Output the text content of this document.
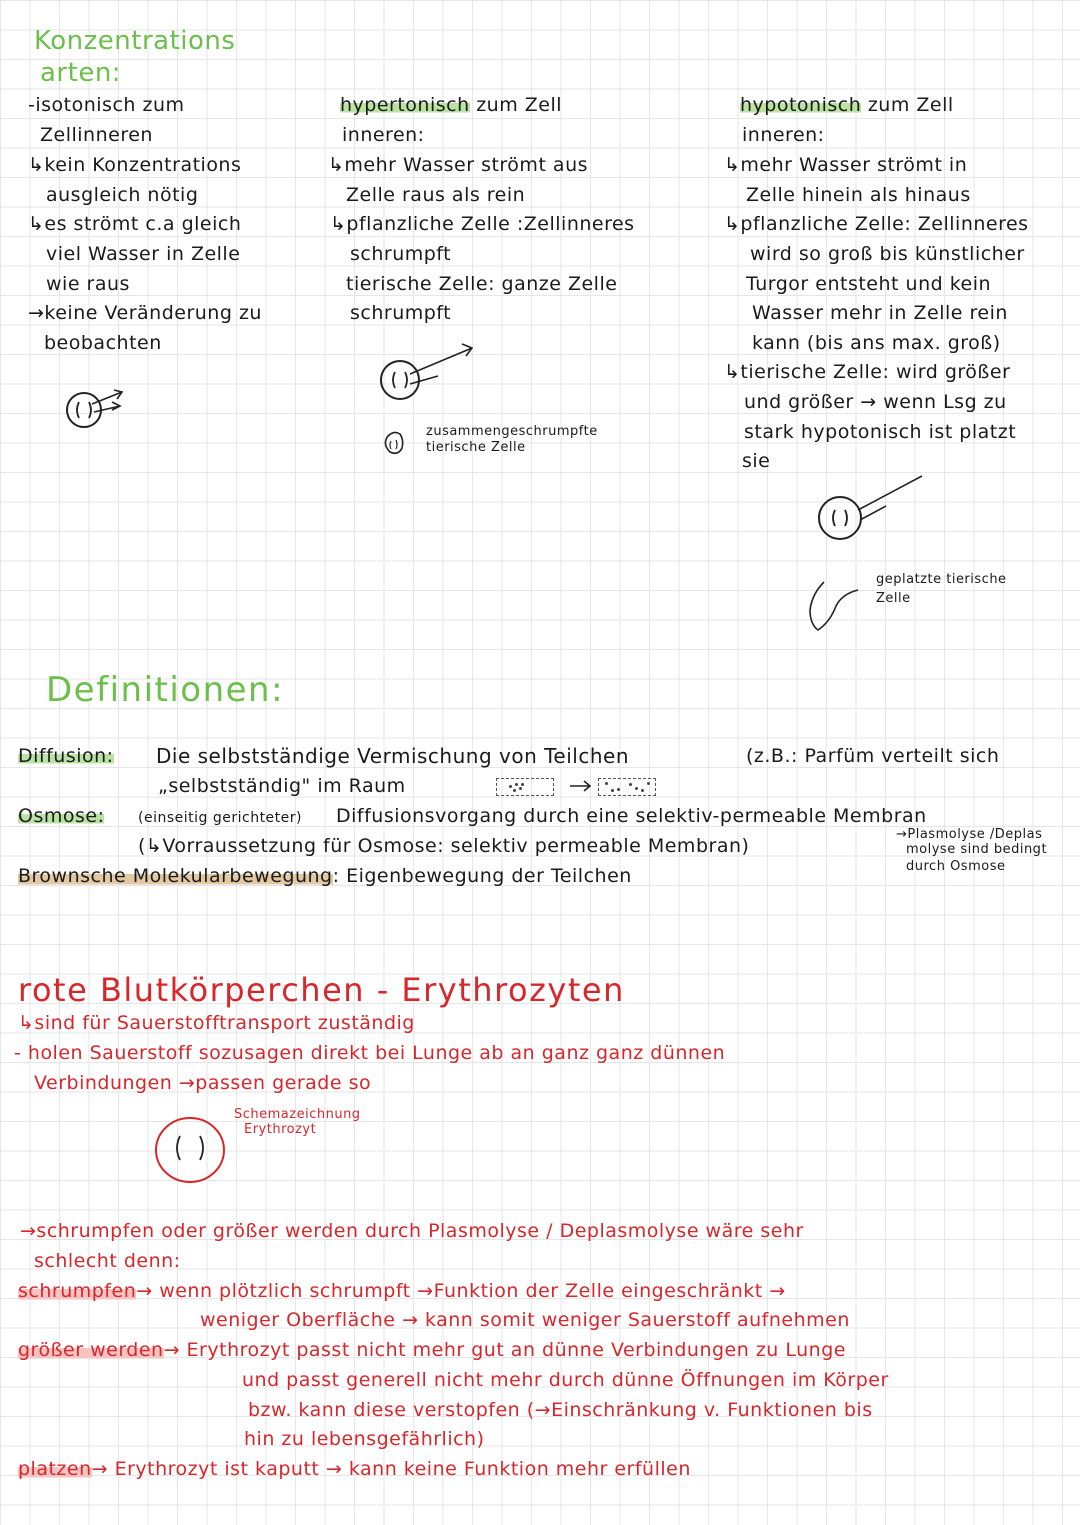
Konzentrations
arten:
-isotonisch zum
Zellinneren
↳kein Konzentrations
ausgleich nötig
↳es strömt c.a gleich
viel Wasser in Zelle
wie raus
→keine Veränderung zu
beobachten
hypertonisch zum Zell
inneren:
↳mehr Wasser strömt aus
Zelle raus als rein
↳pflanzliche Zelle :Zellinneres
schrumpft
tierische Zelle: ganze Zelle
schrumpft
zusammengeschrumpfte
tierische Zelle
hypotonisch zum Zell
inneren:
↳mehr Wasser strömt in
Zelle hinein als hinaus
↳pflanzliche Zelle: Zellinneres
wird so groß bis künstlicher
Turgor entsteht und kein
Wasser mehr in Zelle rein
kann (bis ans max. groß)
↳tierische Zelle: wird größer
und größer → wenn Lsg zu
stark hypotonisch ist platzt
sie
geplatzte tierische
Zelle
Definitionen:
Diffusion: Die selbstständige Vermischung von Teilchen	(z.B.: Parfüm verteilt sich
„selbstständig" im Raum
Osmose: (einseitig gerichteter) Diffusionsvorgang durch eine selektiv-permeable Membran
(↳Vorraussetzung für Osmose: selektiv permeable Membran)
→Plasmolyse /Deplas
molyse sind bedingt
durch Osmose
Brownsche Molekularbewegung: Eigenbewegung der Teilchen
rote Blutkörperchen - Erythrozyten
↳sind für Sauerstofftransport zuständig
- holen Sauerstoff sozusagen direkt bei Lunge ab an ganz ganz dünnen
Verbindungen →passen gerade so
Schemazeichnung
Erythrozyt
→schrumpfen oder größer werden durch Plasmolyse / Deplasmolyse wäre sehr
schlecht denn:
schrumpfen→ wenn plötzlich schrumpft →Funktion der Zelle eingeschränkt →
weniger Oberfläche → kann somit weniger Sauerstoff aufnehmen
größer werden→ Erythrozyt passt nicht mehr gut an dünne Verbindungen zu Lunge
und passt generell nicht mehr durch dünne Öffnungen im Körper
bzw. kann diese verstopfen (→Einschränkung v. Funktionen bis
hin zu lebensgefährlich)
platzen→ Erythrozyt ist kaputt → kann keine Funktion mehr erfüllen
